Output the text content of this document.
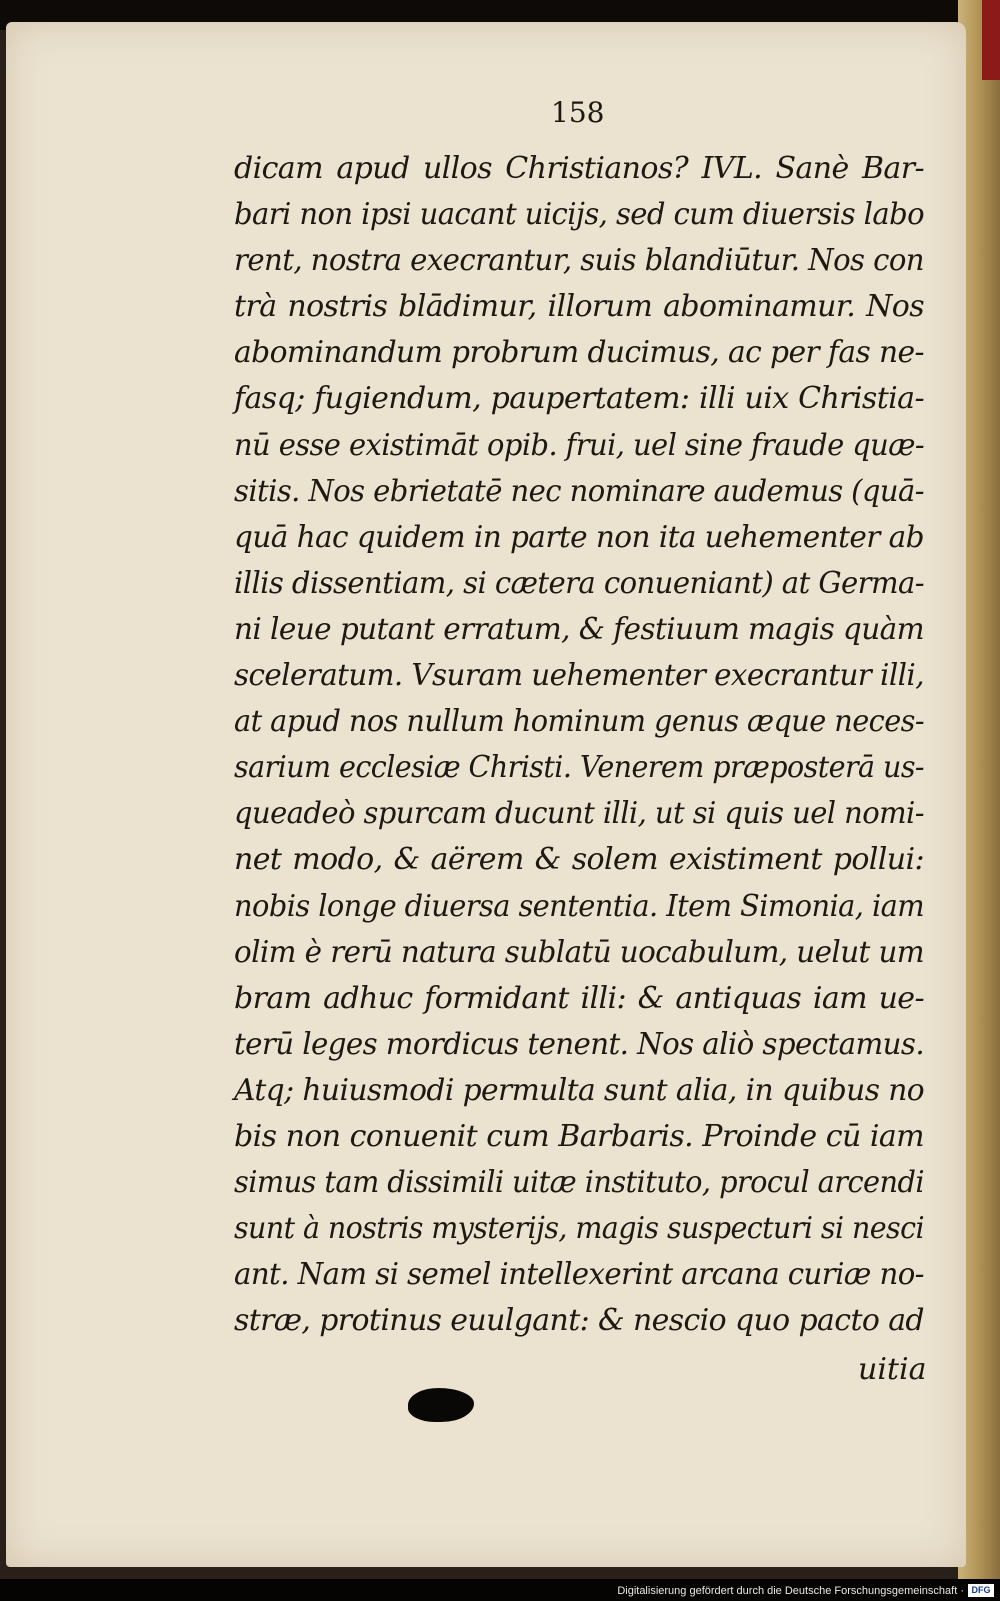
158
dicam apud ullos Christianos? IVL. Sanè Bar-
bari non ipsi uacant uicijs, sed cum diuersis labo
rent, nostra execrantur, suis blandiūtur. Nos con
trà nostris blādimur, illorum abominamur. Nos
abominandum probrum ducimus, ac per fas ne-
fasq; fugiendum, paupertatem: illi uix Christia-
nū esse existimāt opib. frui, uel sine fraude quæ-
sitis. Nos ebrietatē nec nominare audemus (quā-
quā hac quidem in parte non ita uehementer ab
illis dissentiam, si cætera conueniant) at Germa-
ni leue putant erratum, & festiuum magis quàm
sceleratum. Vsuram uehementer execrantur illi,
at apud nos nullum hominum genus æque neces-
sarium ecclesiæ Christi. Venerem præposterā us-
queadeò spurcam ducunt illi, ut si quis uel nomi-
net modo, & aërem & solem existiment pollui:
nobis longe diuersa sententia. Item Simonia, iam
olim è rerū natura sublatū uocabulum, uelut um
bram adhuc formidant illi: & antiquas iam ue-
terū leges mordicus tenent. Nos aliò spectamus.
Atq; huiusmodi permulta sunt alia, in quibus no
bis non conuenit cum Barbaris. Proinde cū iam
simus tam dissimili uitæ instituto, procul arcendi
sunt à nostris mysterijs, magis suspecturi si nesci
ant. Nam si semel intellexerint arcana curiæ no-
stræ, protinus euulgant: & nescio quo pacto ad
uitia
Digitalisierung gefördert durch die Deutsche Forschungsgemeinschaft · DFG
